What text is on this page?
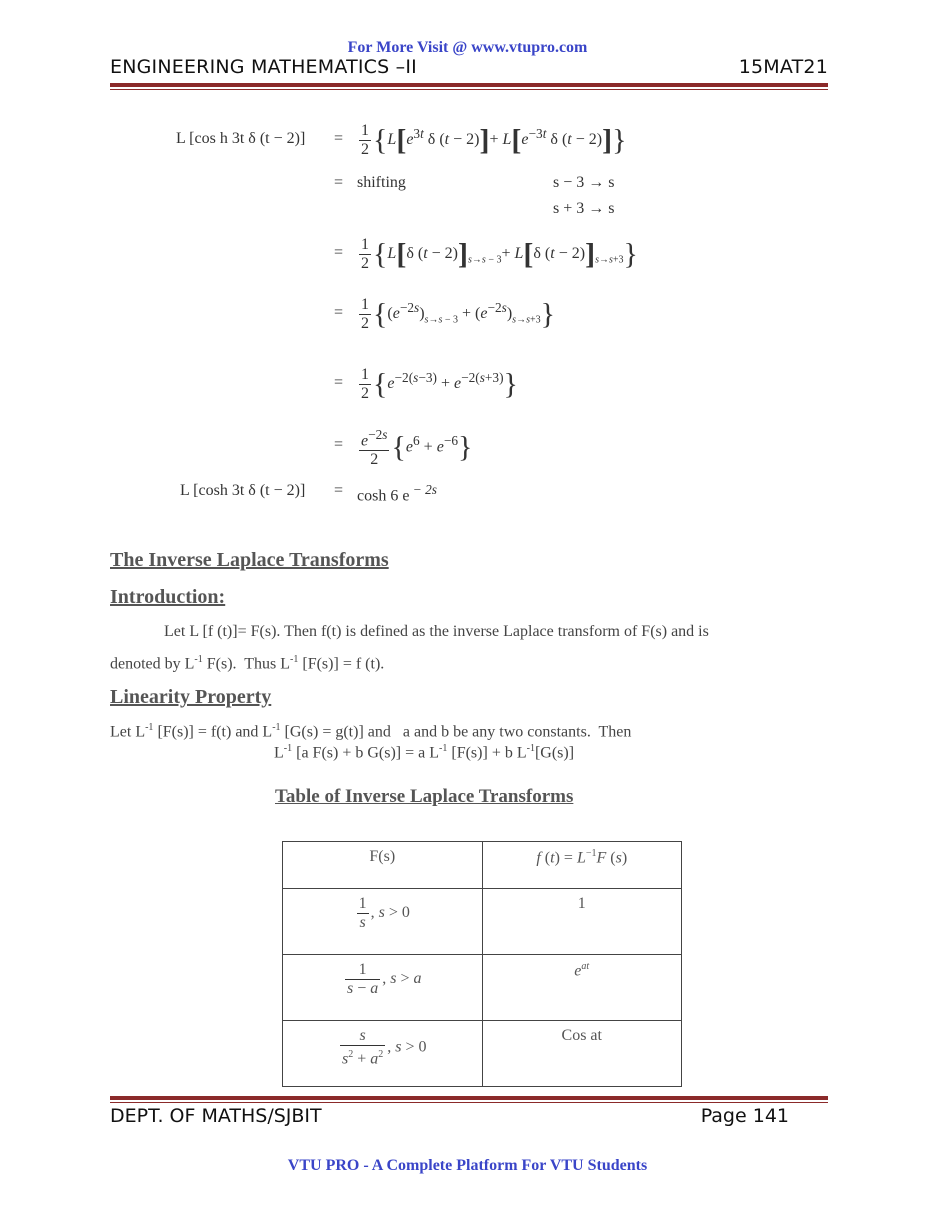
For More Visit @ www.vtupro.com
ENGINEERING MATHEMATICS –II	15MAT21
L [cos h 3t δ $(t - 2)] = \frac{1}{2} \{L[e^{3t}$ δ $(t - 2)]+ L[e^{-3t}$ δ (t − 2)]}
= shifting	s − 3 → s
s + 3 → s
= $\frac{1}{2} \{L[\delta$ $(t - 2)]_{s\to s - 3}+ L[\delta$ $(t - 2)]_{s\to s+3}$}
= $\frac{1}{2} \{(e^{-2s})_{s\to s - 3} + (e^{-2s})_{s\to s+3}\}$
= $\frac{1}{2} \{e^{-2(s-3)} + e^{-2(s+3)}\}$
= $\frac{e^{-2s}}{2} \{e^6 + e^{-6}\}$
L [cosh 3t δ (t − 2)] = cosh 6 e $^{- 2s}$
The Inverse Laplace Transforms
Introduction:
Let L [f (t)]= F(s). Then f(t) is defined as the inverse Laplace transform of F(s) and is
denoted by $L^{-1}$ F(s).  Thus $L^{-1}$ [F(s)] = f (t).
Linearity Property
Let $L^{-1}$ [F(s)] = f(t) and $L^{-1}$ [G(s) = g(t)] and   a and b be any two constants.  Then
$L^{-1}$ [a F(s) + b G(s)] = a $L^{-1}$ [F(s)] + b $L^{-1}[G(s)]$
Table of Inverse Laplace Transforms
F(s)	f $(t) = L^{-1}F$ (s)

$\frac{1}{s}$ , s > 0	1

$\frac{1}{s - a}$ , s > a	$e^{at}$

$\frac{s}{s^2 + a^2}$ , s > 0	Cos at
DEPT. OF MATHS/SJBIT	Page 141
VTU PRO - A Complete Platform For VTU Students
